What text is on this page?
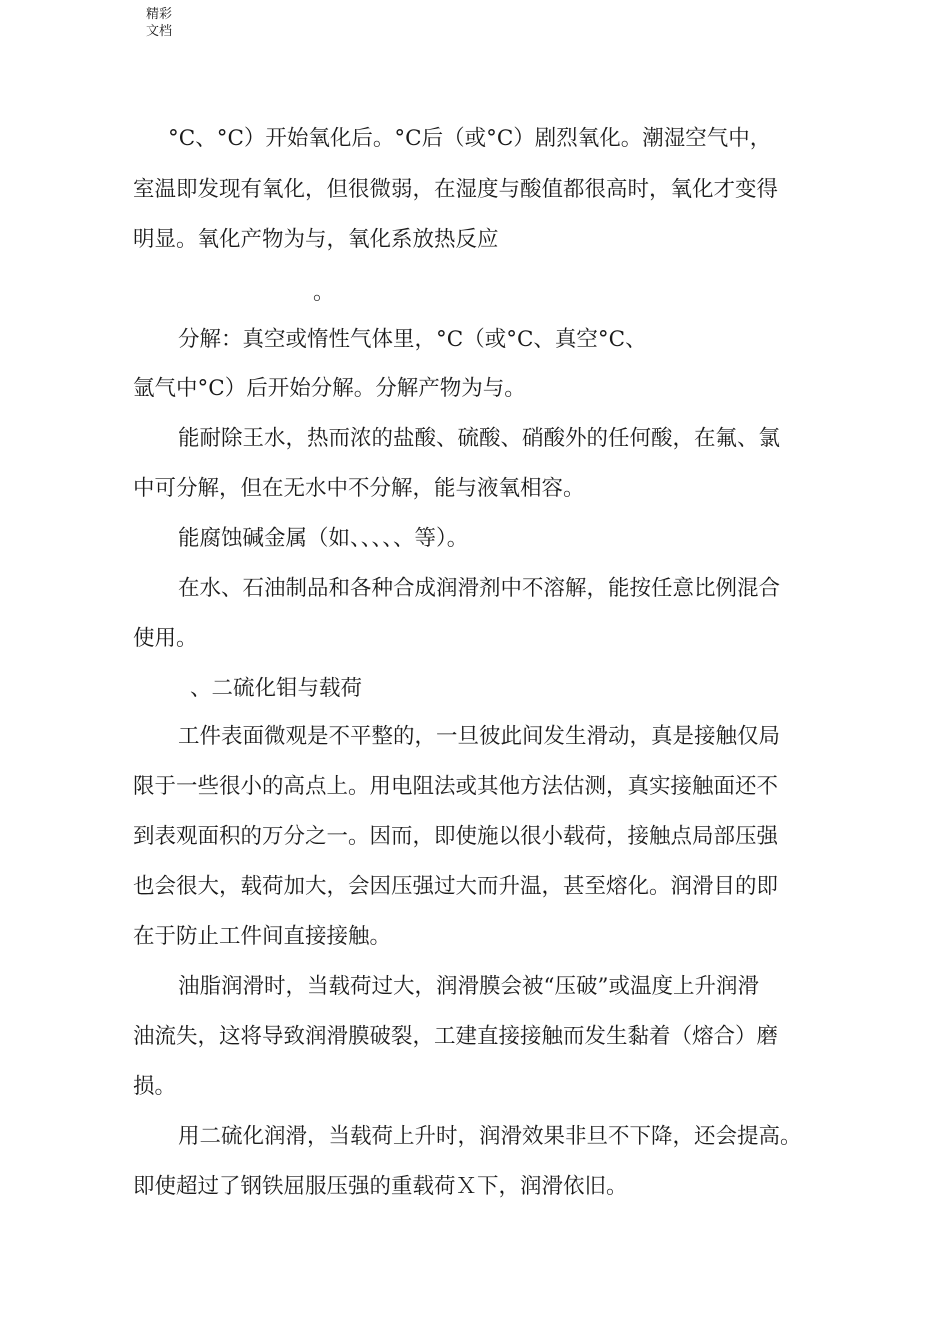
精彩文档
°C、°C）开始氧化后。°C后（或°C）剧烈氧化。潮湿空气中，
室温即发现有氧化，但很微弱，在湿度与酸值都很高时，氧化才变得
明显。氧化产物为与，氧化系放热反应
。
分解：真空或惰性气体里，°C（或°C、真空°C、
氩气中°C）后开始分解。分解产物为与。
能耐除王水，热而浓的盐酸、硫酸、硝酸外的任何酸，在氟、氯
中可分解，但在无水中不分解，能与液氧相容。
能腐蚀碱金属（如、、、、、等）。
在水、石油制品和各种合成润滑剂中不溶解，能按任意比例混合
使用。
、二硫化钼与载荷
工件表面微观是不平整的，一旦彼此间发生滑动，真是接触仅局
限于一些很小的高点上。用电阻法或其他方法估测，真实接触面还不
到表观面积的万分之一。因而，即使施以很小载荷，接触点局部压强
也会很大，载荷加大，会因压强过大而升温，甚至熔化。润滑目的即
在于防止工件间直接接触。
油脂润滑时，当载荷过大，润滑膜会被“压破”或温度上升润滑
油流失，这将导致润滑膜破裂，工建直接接触而发生黏着（熔合）磨
损。
用二硫化润滑，当载荷上升时，润滑效果非旦不下降，还会提高。
即使超过了钢铁屈服压强的重载荷Ｘ下，润滑依旧。
